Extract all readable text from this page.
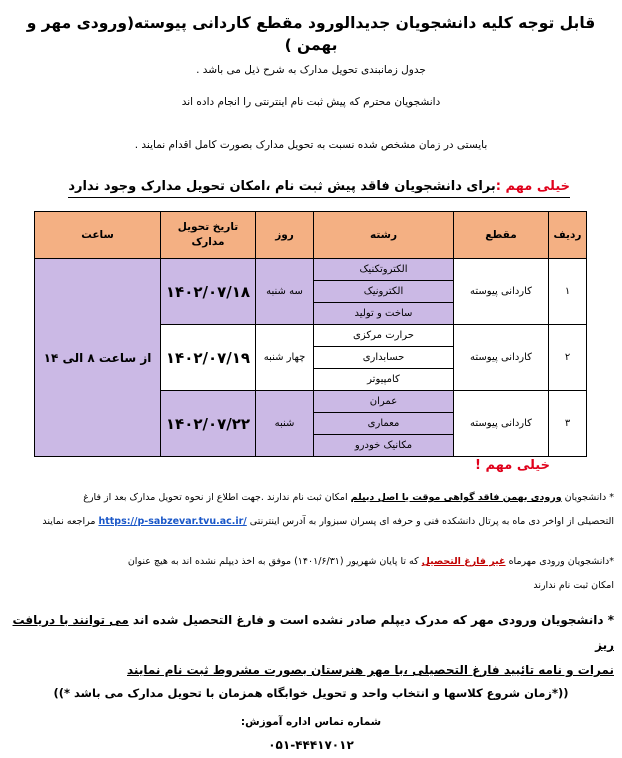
قابل توجه کلیه دانشجویان جدیدالورود مقطع کاردانی پیوسته(ورودی مهر و بهمن )
جدول زمانبندی تحویل مدارک به شرح ذیل می باشد .
دانشجویان محترم که پیش ثبت نام اینترنتی را انجام داده اند
بایستی در زمان مشخص شده نسبت به تحویل مدارک بصورت کامل اقدام نمایند .
خیلی مهم :برای دانشجویان فاقد پیش ثبت نام ،امکان تحویل مدارک وجود ندارد
ردیف	مقطع	رشته	روز	تاریخ تحویل مدارک	ساعت
۱	کاردانی پیوسته	الکتروتکنیک	سه شنبه	۱۴۰۲/۰۷/۱۸	از ساعت ۸ الی ۱۴
		الکترونیک			
		ساخت و تولید			
۲	کاردانی پیوسته	حرارت مرکزی	چهار شنبه	۱۴۰۲/۰۷/۱۹	
		حسابداری			
		کامپیوتر			
۳	کاردانی پیوسته	عمران	شنبه	۱۴۰۲/۰۷/۲۲	
		معماری			
		مکانیک خودرو			
خیلی مهم !
* دانشجویان ورودی بهمن فاقد گواهی موقت یا اصل دیپلم امکان ثبت نام ندارند .جهت اطلاع از نحوه تحویل مدارک بعد از فارغ
التحصیلی از اواخر دی ماه به پرتال دانشکده فنی و حرفه ای پسران سبزوار به آدرس اینترنتی https://p-sabzevar.tvu.ac.ir/ مراجعه نمایند
*دانشجویان ورودی مهرماه غیر فارغ التحصیل که تا پایان شهریور (۱۴۰۱/۶/۳۱) موفق به اخذ دیپلم نشده اند به هیچ عنوان
امکان ثبت نام ندارند
* دانشجویان ورودی مهر که مدرک دیپلم صادر نشده است و فارغ التحصیل شده اند می توانند با دریافت ریز
نمرات و نامه تائیید فارغ التحصیلی ،با مهر هنرستان بصورت مشروط ثبت نام نمایند
((*زمان شروع کلاسها و انتخاب واحد و تحویل خوابگاه همزمان با تحویل مدارک می باشد *))
شماره تماس اداره آموزش:
۰۵۱-۴۴۴۱۷۰۱۲
